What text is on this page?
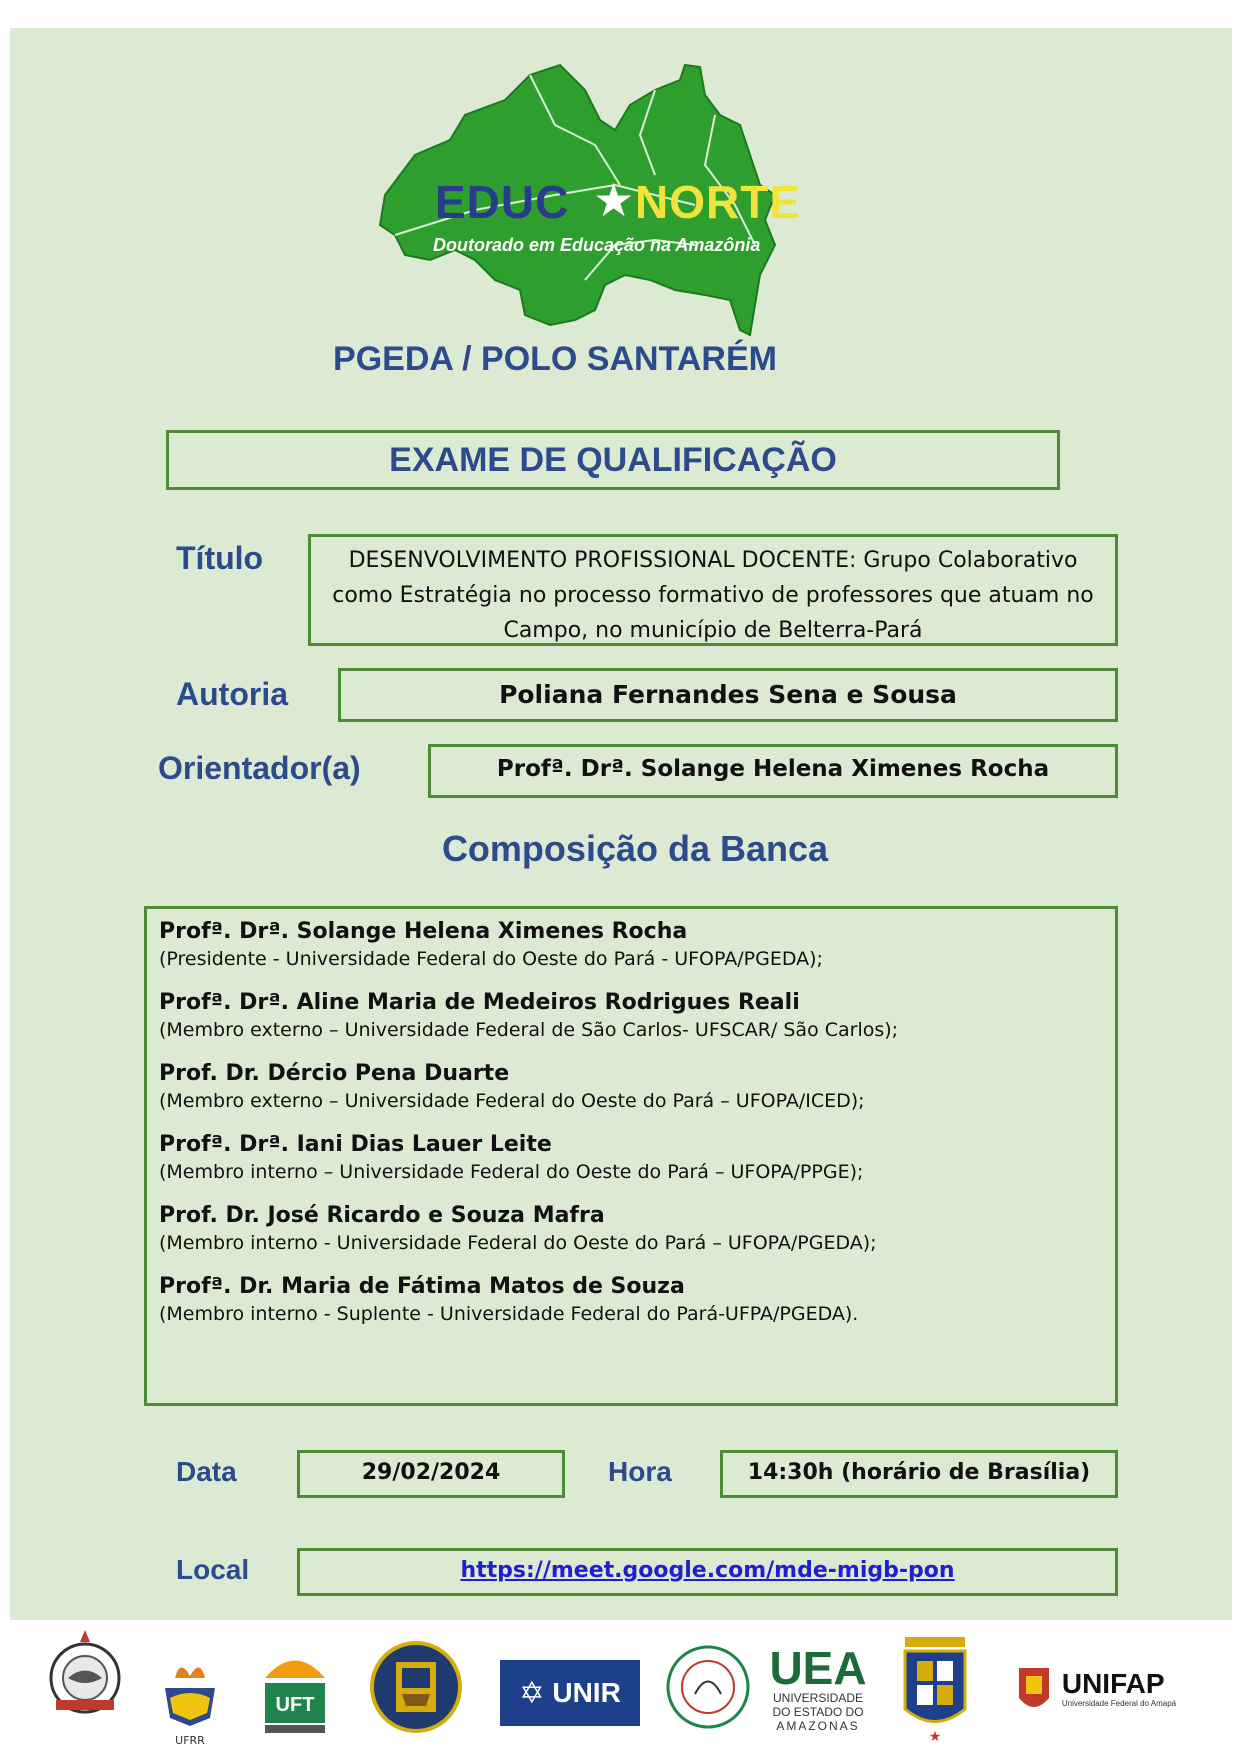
EDUC ★ NORTE
Doutorado em Educação na Amazônia
PGEDA / POLO SANTARÉM
EXAME DE QUALIFICAÇÃO
Título	DESENVOLVIMENTO PROFISSIONAL DOCENTE: Grupo Colaborativo como Estratégia no processo formativo de professores que atuam no Campo, no município de Belterra-Pará
Autoria	Poliana Fernandes Sena e Sousa
Orientador(a)	Profª. Drª. Solange Helena Ximenes Rocha
Composição da Banca
Profª. Drª. Solange Helena Ximenes Rocha
(Presidente - Universidade Federal do Oeste do Pará - UFOPA/PGEDA);
Profª. Drª. Aline Maria de Medeiros Rodrigues Reali
(Membro externo – Universidade Federal de São Carlos- UFSCAR/ São Carlos);
Prof. Dr. Dércio Pena Duarte
(Membro externo – Universidade Federal do Oeste do Pará – UFOPA/ICED);
Profª. Drª. Iani Dias Lauer Leite
(Membro interno – Universidade Federal do Oeste do Pará – UFOPA/PPGE);
Prof. Dr. José Ricardo e Souza Mafra
(Membro interno - Universidade Federal do Oeste do Pará – UFOPA/PGEDA);
Profª. Dr. Maria de Fátima Matos de Souza
(Membro interno - Suplente - Universidade Federal do Pará-UFPA/PGEDA).
Data	29/02/2024	Hora	14:30h (horário de Brasília)
Local	https://meet.google.com/mde-migb-pon
UFRR
UFT	✡ UNIR	UEA
UNIVERSIDADE
DO ESTADO DO
AMAZONAS
★
UNIFAP
Universidade Federal do Amapá
